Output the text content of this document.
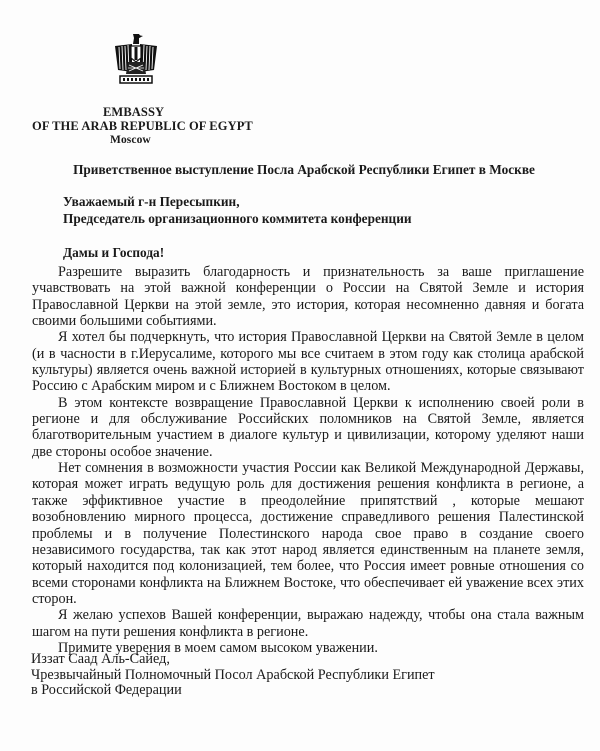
EMBASSY
OF THE ARAB REPUBLIC OF EGYPT
Moscow
Приветственное выступление Посла Арабской Республики Египет в Москве
Уважаемый г-н Пересыпкин,
Председатель организационного коммитета конференции
Дамы и Господа!

Разрешите выразить благодарность и признательность за ваше приглашение учавствовать на этой важной конференции о России на Святой Земле и история Православной Церкви на этой земле, это история, которая несомненно давняя и богата своими большими событиями.

Я хотел бы подчеркнуть, что история Православной Церкви на Святой Земле в целом (и в часности в г.Иерусалиме, которого мы все считаем в этом году как столица арабской культуры) является очень важной историей в культурных отношениях, которые связывают Россию с Арабским миром и с Ближнем Востоком в целом.

В этом контексте возвращение Православной Церкви к исполнению своей роли в регионе и для обслуживание Российских поломников на Святой Земле, является благотворительным участием в диалоге культур и цивилизации, которому уделяют наши две стороны особое значение.

Нет сомнения в возможности участия России как Великой Международной Державы, которая может играть ведущую роль для достижения решения конфликта в регионе, а также эффиктивное участие в преодолейние припятствий , которые мешают возобновлению мирного процесса, достижение справедливого решения Палестинской проблемы и в получение Полестинского народа свое право в создание своего независимого государства, так как этот народ является единственным на планете земля, который находится под колонизацией, тем более, что Россия имеет ровные отношения со всеми сторонами конфликта на Ближнем Востоке, что обеспечивает ей уважение всех этих сторон.

Я желаю успехов Вашей конференции, выражаю надежду, чтобы она стала важным шагом на пути решения конфликта в регионе.

Примите уверения в моем самом высоком уважении.

Иззат Саад Аль-Сайед,
Чрезвычайный Полномочный Посол Арабской Республики Египет
в Российской Федерации
